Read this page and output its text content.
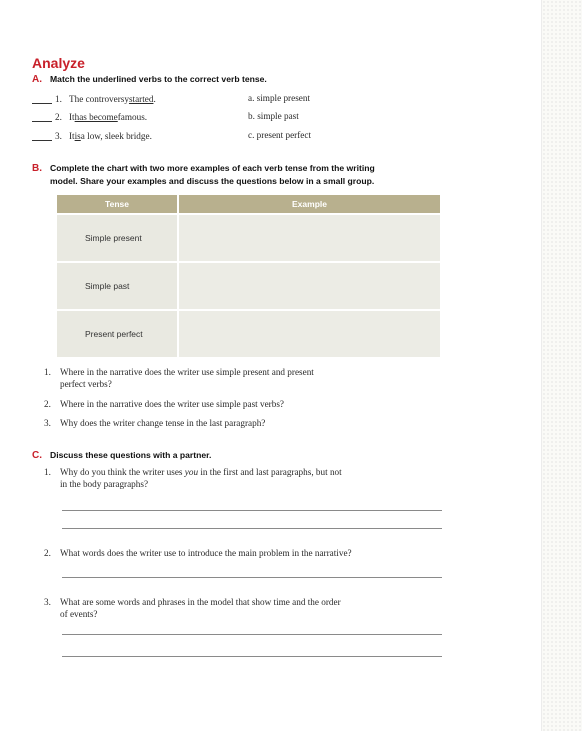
Analyze
A. Match the underlined verbs to the correct verb tense.
1. The controversy started .
2. It has become famous.
3. It is a low, sleek bridge.
a. simple present
b. simple past
c. present perfect
B. Complete the chart with two more examples of each verb tense from the writing
model. Share your examples and discuss the questions below in a small group.
Tense	Example
Simple present	
Simple past	
Present perfect	
1. Where in the narrative does the writer use simple present and present
perfect verbs?
2. Where in the narrative does the writer use simple past verbs?
3. Why does the writer change tense in the last paragraph?
C. Discuss these questions with a partner.
1. Why do you think the writer uses you in the first and last paragraphs, but not
in the body paragraphs?
2. What words does the writer use to introduce the main problem in the narrative?
3. What are some words and phrases in the model that show time and the order
of events?
